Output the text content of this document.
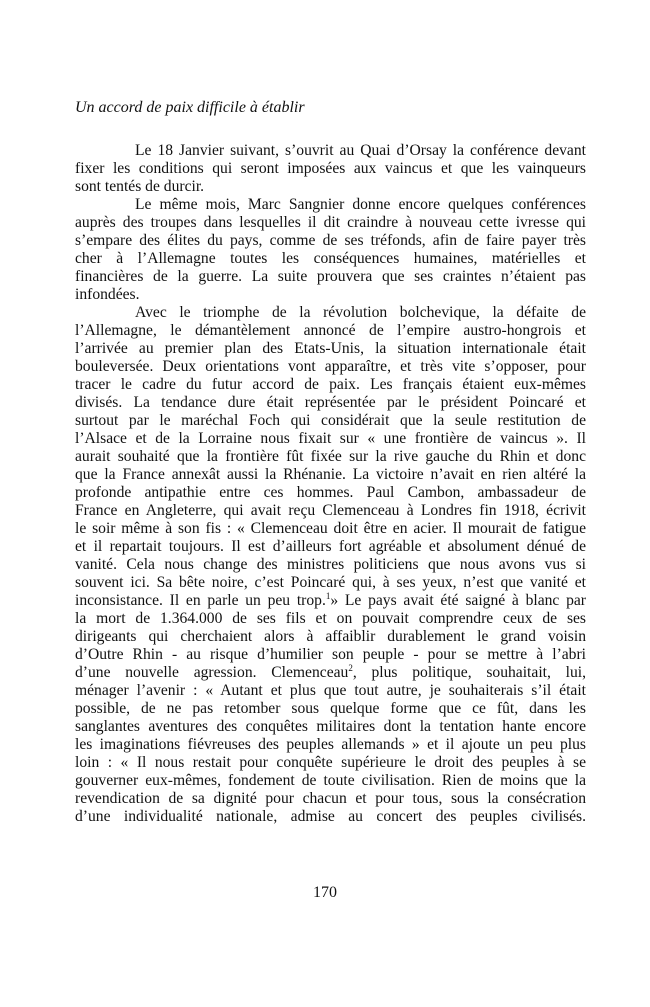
Un accord de paix difficile à établir
Le 18 Janvier suivant, s’ouvrit au Quai d’Orsay la conférence devant
fixer les conditions qui seront imposées aux vaincus et que les vainqueurs
sont tentés de durcir.
Le même mois, Marc Sangnier donne encore quelques conférences
auprès des troupes dans lesquelles il dit craindre à nouveau cette ivresse qui
s’empare des élites du pays, comme de ses tréfonds, afin de faire payer très
cher à l’Allemagne toutes les conséquences humaines, matérielles et
financières de la guerre. La suite prouvera que ses craintes n’étaient pas
infondées.
Avec le triomphe de la révolution bolchevique, la défaite de
l’Allemagne, le démantèlement annoncé de l’empire austro-hongrois et
l’arrivée au premier plan des Etats-Unis, la situation internationale était
bouleversée. Deux orientations vont apparaître, et très vite s’opposer, pour
tracer le cadre du futur accord de paix. Les français étaient eux-mêmes
divisés. La tendance dure était représentée par le président Poincaré et
surtout par le maréchal Foch qui considérait que la seule restitution de
l’Alsace et de la Lorraine nous fixait sur « une frontière de vaincus ». Il
aurait souhaité que la frontière fût fixée sur la rive gauche du Rhin et donc
que la France annexât aussi la Rhénanie. La victoire n’avait en rien altéré la
profonde antipathie entre ces hommes. Paul Cambon, ambassadeur de
France en Angleterre, qui avait reçu Clemenceau à Londres fin 1918, écrivit
le soir même à son fis : « Clemenceau doit être en acier. Il mourait de fatigue
et il repartait toujours. Il est d’ailleurs fort agréable et absolument dénué de
vanité. Cela nous change des ministres politiciens que nous avons vus si
souvent ici. Sa bête noire, c’est Poincaré qui, à ses yeux, n’est que vanité et
inconsistance. Il en parle un peu trop.$^1$» Le pays avait été saigné à blanc par
la mort de 1.364.000 de ses fils et on pouvait comprendre ceux de ses
dirigeants qui cherchaient alors à affaiblir durablement le grand voisin
d’Outre Rhin - au risque d’humilier son peuple - pour se mettre à l’abri
d’une nouvelle agression. Clemenceau$^2$, plus politique, souhaitait, lui,
ménager l’avenir : « Autant et plus que tout autre, je souhaiterais s’il était
possible, de ne pas retomber sous quelque forme que ce fût, dans les
sanglantes aventures des conquêtes militaires dont la tentation hante encore
les imaginations fiévreuses des peuples allemands » et il ajoute un peu plus
loin : « Il nous restait pour conquête supérieure le droit des peuples à se
gouverner eux-mêmes, fondement de toute civilisation. Rien de moins que la
revendication de sa dignité pour chacun et pour tous, sous la consécration
d’une individualité nationale, admise au concert des peuples civilisés.
170
